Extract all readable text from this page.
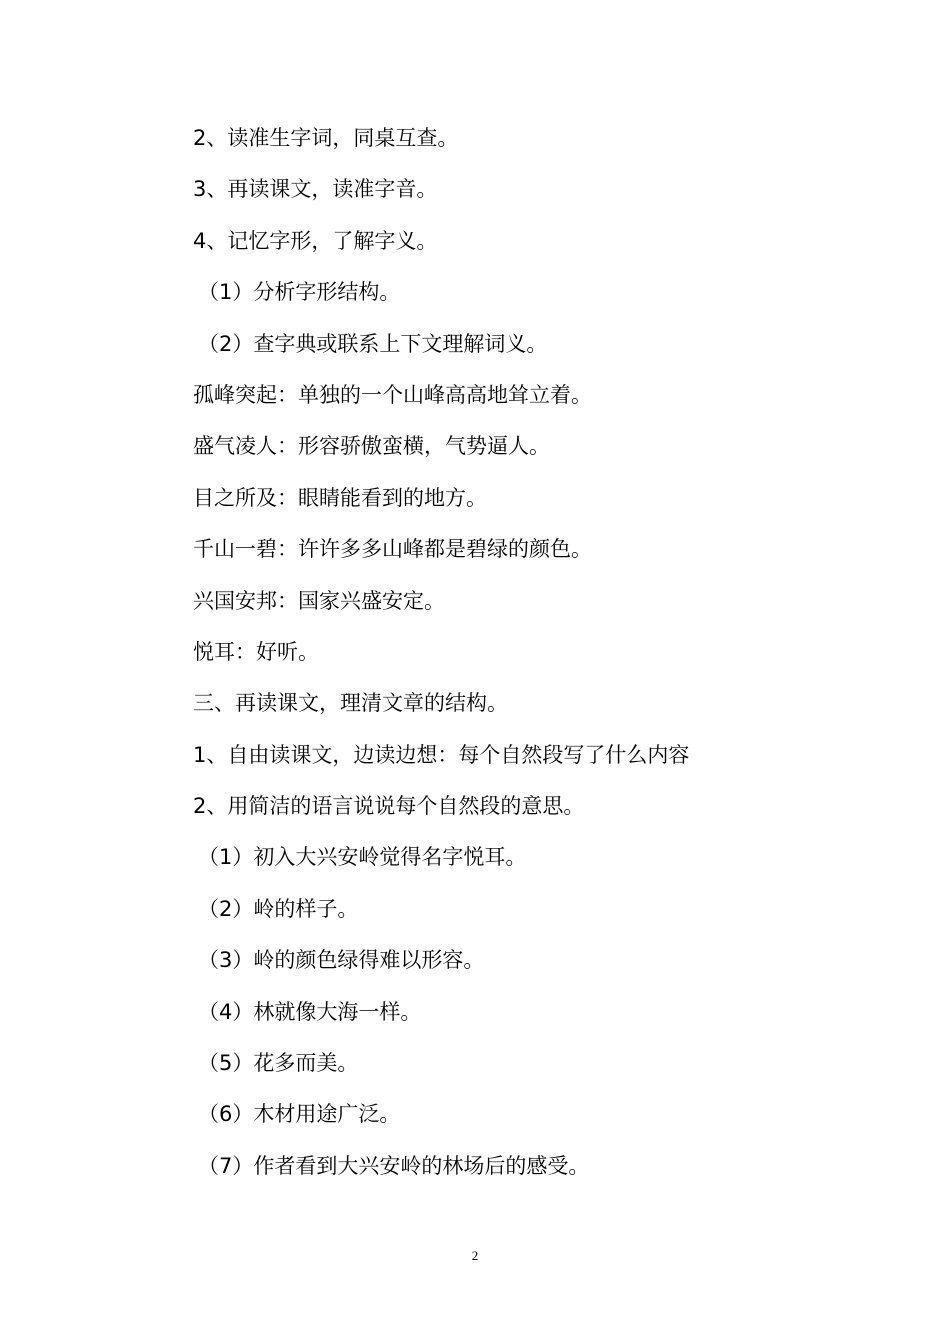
2、读准生字词，同桌互查。
3、再读课文，读准字音。
4、记忆字形，了解字义。
（1）分析字形结构。
（2）查字典或联系上下文理解词义。
孤峰突起：单独的一个山峰高高地耸立着。
盛气凌人：形容骄傲蛮横，气势逼人。
目之所及：眼睛能看到的地方。
千山一碧：许许多多山峰都是碧绿的颜色。
兴国安邦：国家兴盛安定。
悦耳：好听。
三、再读课文，理清文章的结构。
1、自由读课文，边读边想：每个自然段写了什么内容
2、用简洁的语言说说每个自然段的意思。
（1）初入大兴安岭觉得名字悦耳。
（2）岭的样子。
（3）岭的颜色绿得难以形容。
（4）林就像大海一样。
（5）花多而美。
（6）木材用途广泛。
（7）作者看到大兴安岭的林场后的感受。
2
